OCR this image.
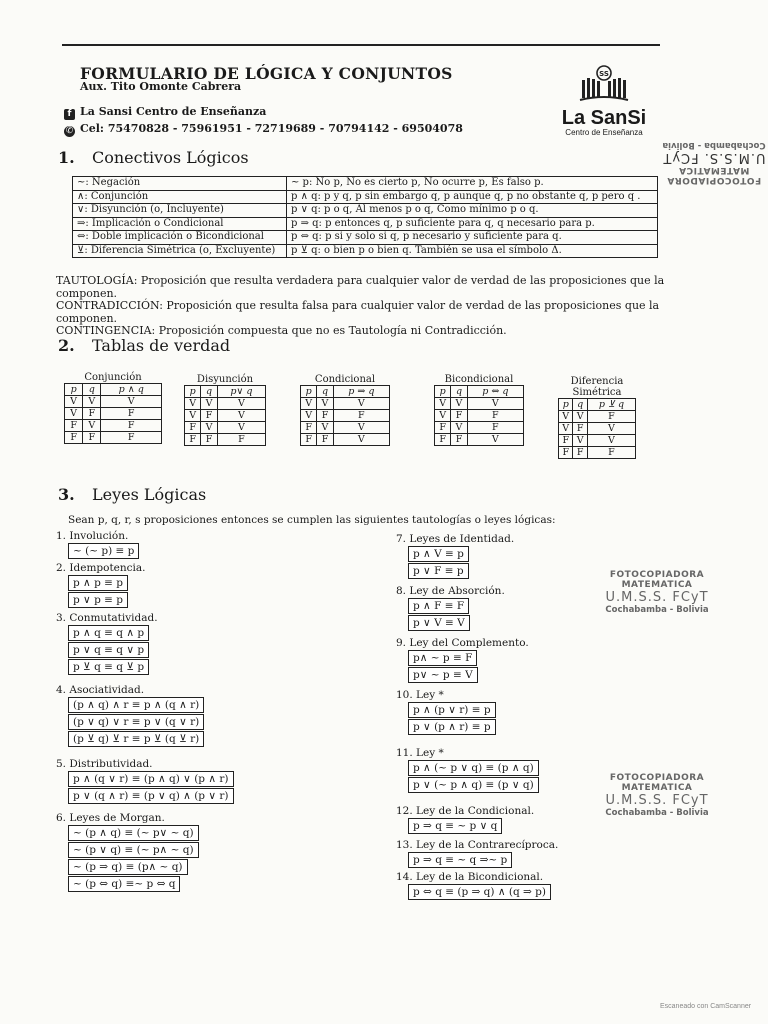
FORMULARIO DE LÓGICA Y CONJUNTOS
Aux. Tito Omonte Cabrera
f La Sansi Centro de Enseñanza
✆ Cel: 75470828 - 75961951 - 72719689 - 70794142 - 69504078
SS
La SanSi
Centro de Enseñanza
FOTOCOPIADORA MATEMATICA
U.M.S.S. FCyT
Cochabamba - Bolivia
1. Conectivos Lógicos
~: Negación	~ p: No p, No es cierto p, No ocurre p, Es falso p.
∧: Conjunción	p ∧ q: p y q, p sin embargo q, p aunque q, p no obstante q, p pero q .
∨: Disyunción (o, Incluyente)	p ∨ q: p o q, Al menos p o q, Como mínimo p o q.
⇒: Implicación o Condicional	p ⇒ q: p entonces q, p suficiente para q, q necesario para p.
⇔: Doble implicación o Bicondicional	p ⇔ q: p si y solo si q, p necesario y suficiente para q.
⊻: Diferencia Simétrica (o, Excluyente)	p ⊻ q: o bien p o bien q. También se usa el símbolo Δ.
TAUTOLOGÍA: Proposición que resulta verdadera para cualquier valor de verdad de las proposiciones que la componen.
CONTRADICCIÓN: Proposición que resulta falsa para cualquier valor de verdad de las proposiciones que la componen.
CONTINGENCIA: Proposición compuesta que no es Tautología ni Contradicción.
2. Tablas de verdad
Conjunción
p	q	p ∧ q
V	V	V
V	F	F
F	V	F
F	F	F
Disyunción
p	q	p∨ q
V	V	V
V	F	V
F	V	V
F	F	F
Condicional
p	q	p ⇒ q
V	V	V
V	F	F
F	V	V
F	F	V
Bicondicional
p	q	p ⇔ q
V	V	V
V	F	F
F	V	F
F	F	V
Diferencia Simétrica
p	q	p ⊻ q
V	V	F
V	F	V
F	V	V
F	F	F
3. Leyes Lógicas
Sean p, q, r, s proposiciones entonces se cumplen las siguientes tautologías o leyes lógicas:
1. Involución.
~ (~ p) ≡ p
2. Idempotencia.
p ∧ p ≡ p
p ∨ p ≡ p
3. Conmutatividad.
p ∧ q ≡ q ∧ p
p ∨ q ≡ q ∨ p
p ⊻ q ≡ q ⊻ p
4. Asociatividad.
(p ∧ q) ∧ r ≡ p ∧ (q ∧ r)
(p ∨ q) ∨ r ≡ p ∨ (q ∨ r)
(p ⊻ q) ⊻ r ≡ p ⊻ (q ⊻ r)
5. Distributividad.
p ∧ (q ∨ r) ≡ (p ∧ q) ∨ (p ∧ r)
p ∨ (q ∧ r) ≡ (p ∨ q) ∧ (p ∨ r)
6. Leyes de Morgan.
~ (p ∧ q) ≡ (~ p∨ ~ q)
~ (p ∨ q) ≡ (~ p∧ ~ q)
~ (p ⇒ q) ≡ (p∧ ~ q)
~ (p ⇔ q) ≡~ p ⇔ q
7. Leyes de Identidad.
p ∧ V ≡ p
p ∨ F ≡ p
8. Ley de Absorción.
p ∧ F ≡ F
p ∨ V ≡ V
9. Ley del Complemento.
p∧ ~ p ≡ F
p∨ ~ p ≡ V
10. Ley *
p ∧ (p ∨ r) ≡ p
p ∨ (p ∧ r) ≡ p
11. Ley *
p ∧ (~ p ∨ q) ≡ (p ∧ q)
p ∨ (~ p ∧ q) ≡ (p ∨ q)
12. Ley de la Condicional.
p ⇒ q ≡ ~ p ∨ q
13. Ley de la Contrarecíproca.
p ⇒ q ≡ ~ q ⇒~ p
14. Ley de la Bicondicional.
p ⇔ q ≡ (p ⇒ q) ∧ (q ⇒ p)
FOTOCOPIADORA MATEMATICA
U.M.S.S. FCyT
Cochabamba - Bolivia
FOTOCOPIADORA MATEMATICA
U.M.S.S. FCyT
Cochabamba - Bolivia
Escaneado con CamScanner
